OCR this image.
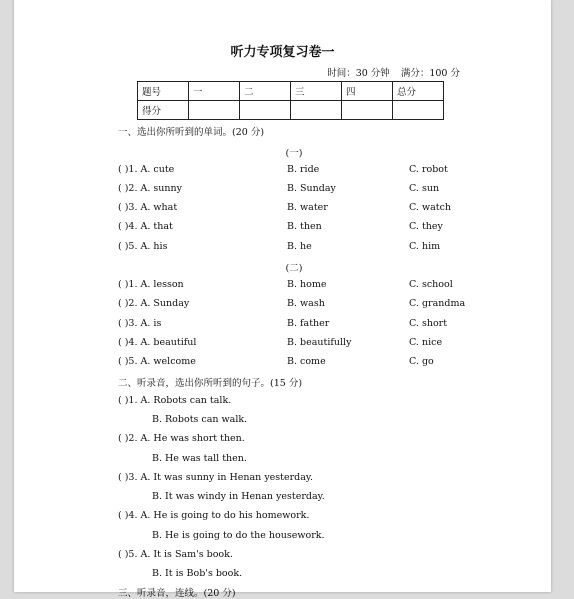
听力专项复习卷一
时间：30 分钟 满分：100 分
题号	一	二	三	四	总分
得分					
一、选出你所听到的单词。(20 分)
(一)
( )1. A. cute	B. ride	C. robot
( )2. A. sunny	B. Sunday	C. sun
( )3. A. what	B. water	C. watch
( )4. A. that	B. then	C. they
( )5. A. his	B. he	C. him
(二)
( )1. A. lesson	B. home	C. school
( )2. A. Sunday	B. wash	C. grandma
( )3. A. is	B. father	C. short
( )4. A. beautiful	B. beautifully	C. nice
( )5. A. welcome	B. come	C. go
二、听录音，选出你所听到的句子。(15 分)
( )1. A. Robots can talk.
B. Robots can walk.
( )2. A. He was short then.
B. He was tall then.
( )3. A. It was sunny in Henan yesterday.
B. It was windy in Henan yesterday.
( )4. A. He is going to do his homework.
B. He is going to do the housework.
( )5. A. It is Sam's book.
B. It is Bob's book.
三、听录音，连线。(20 分)
